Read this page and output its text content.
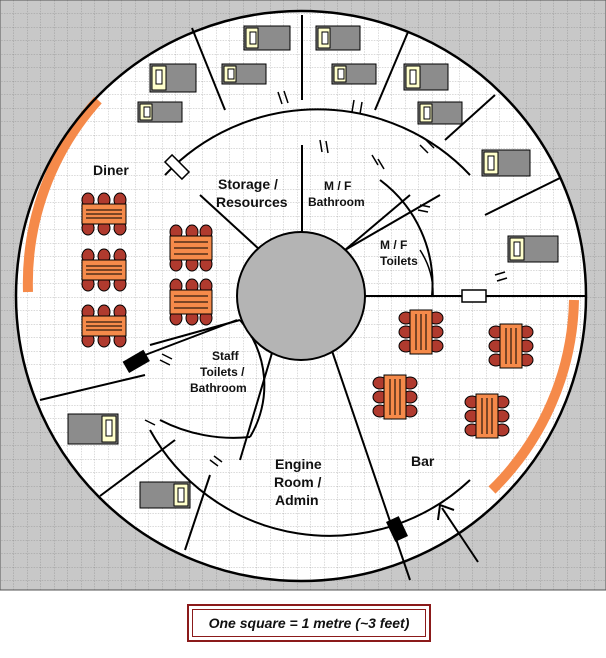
Diner
Storage /
Resources
M / F
Bathroom
M / F
Toilets
Staff
Toilets /
Bathroom
Engine
Room /
Admin
Bar
One square = 1 metre (~3 feet)
